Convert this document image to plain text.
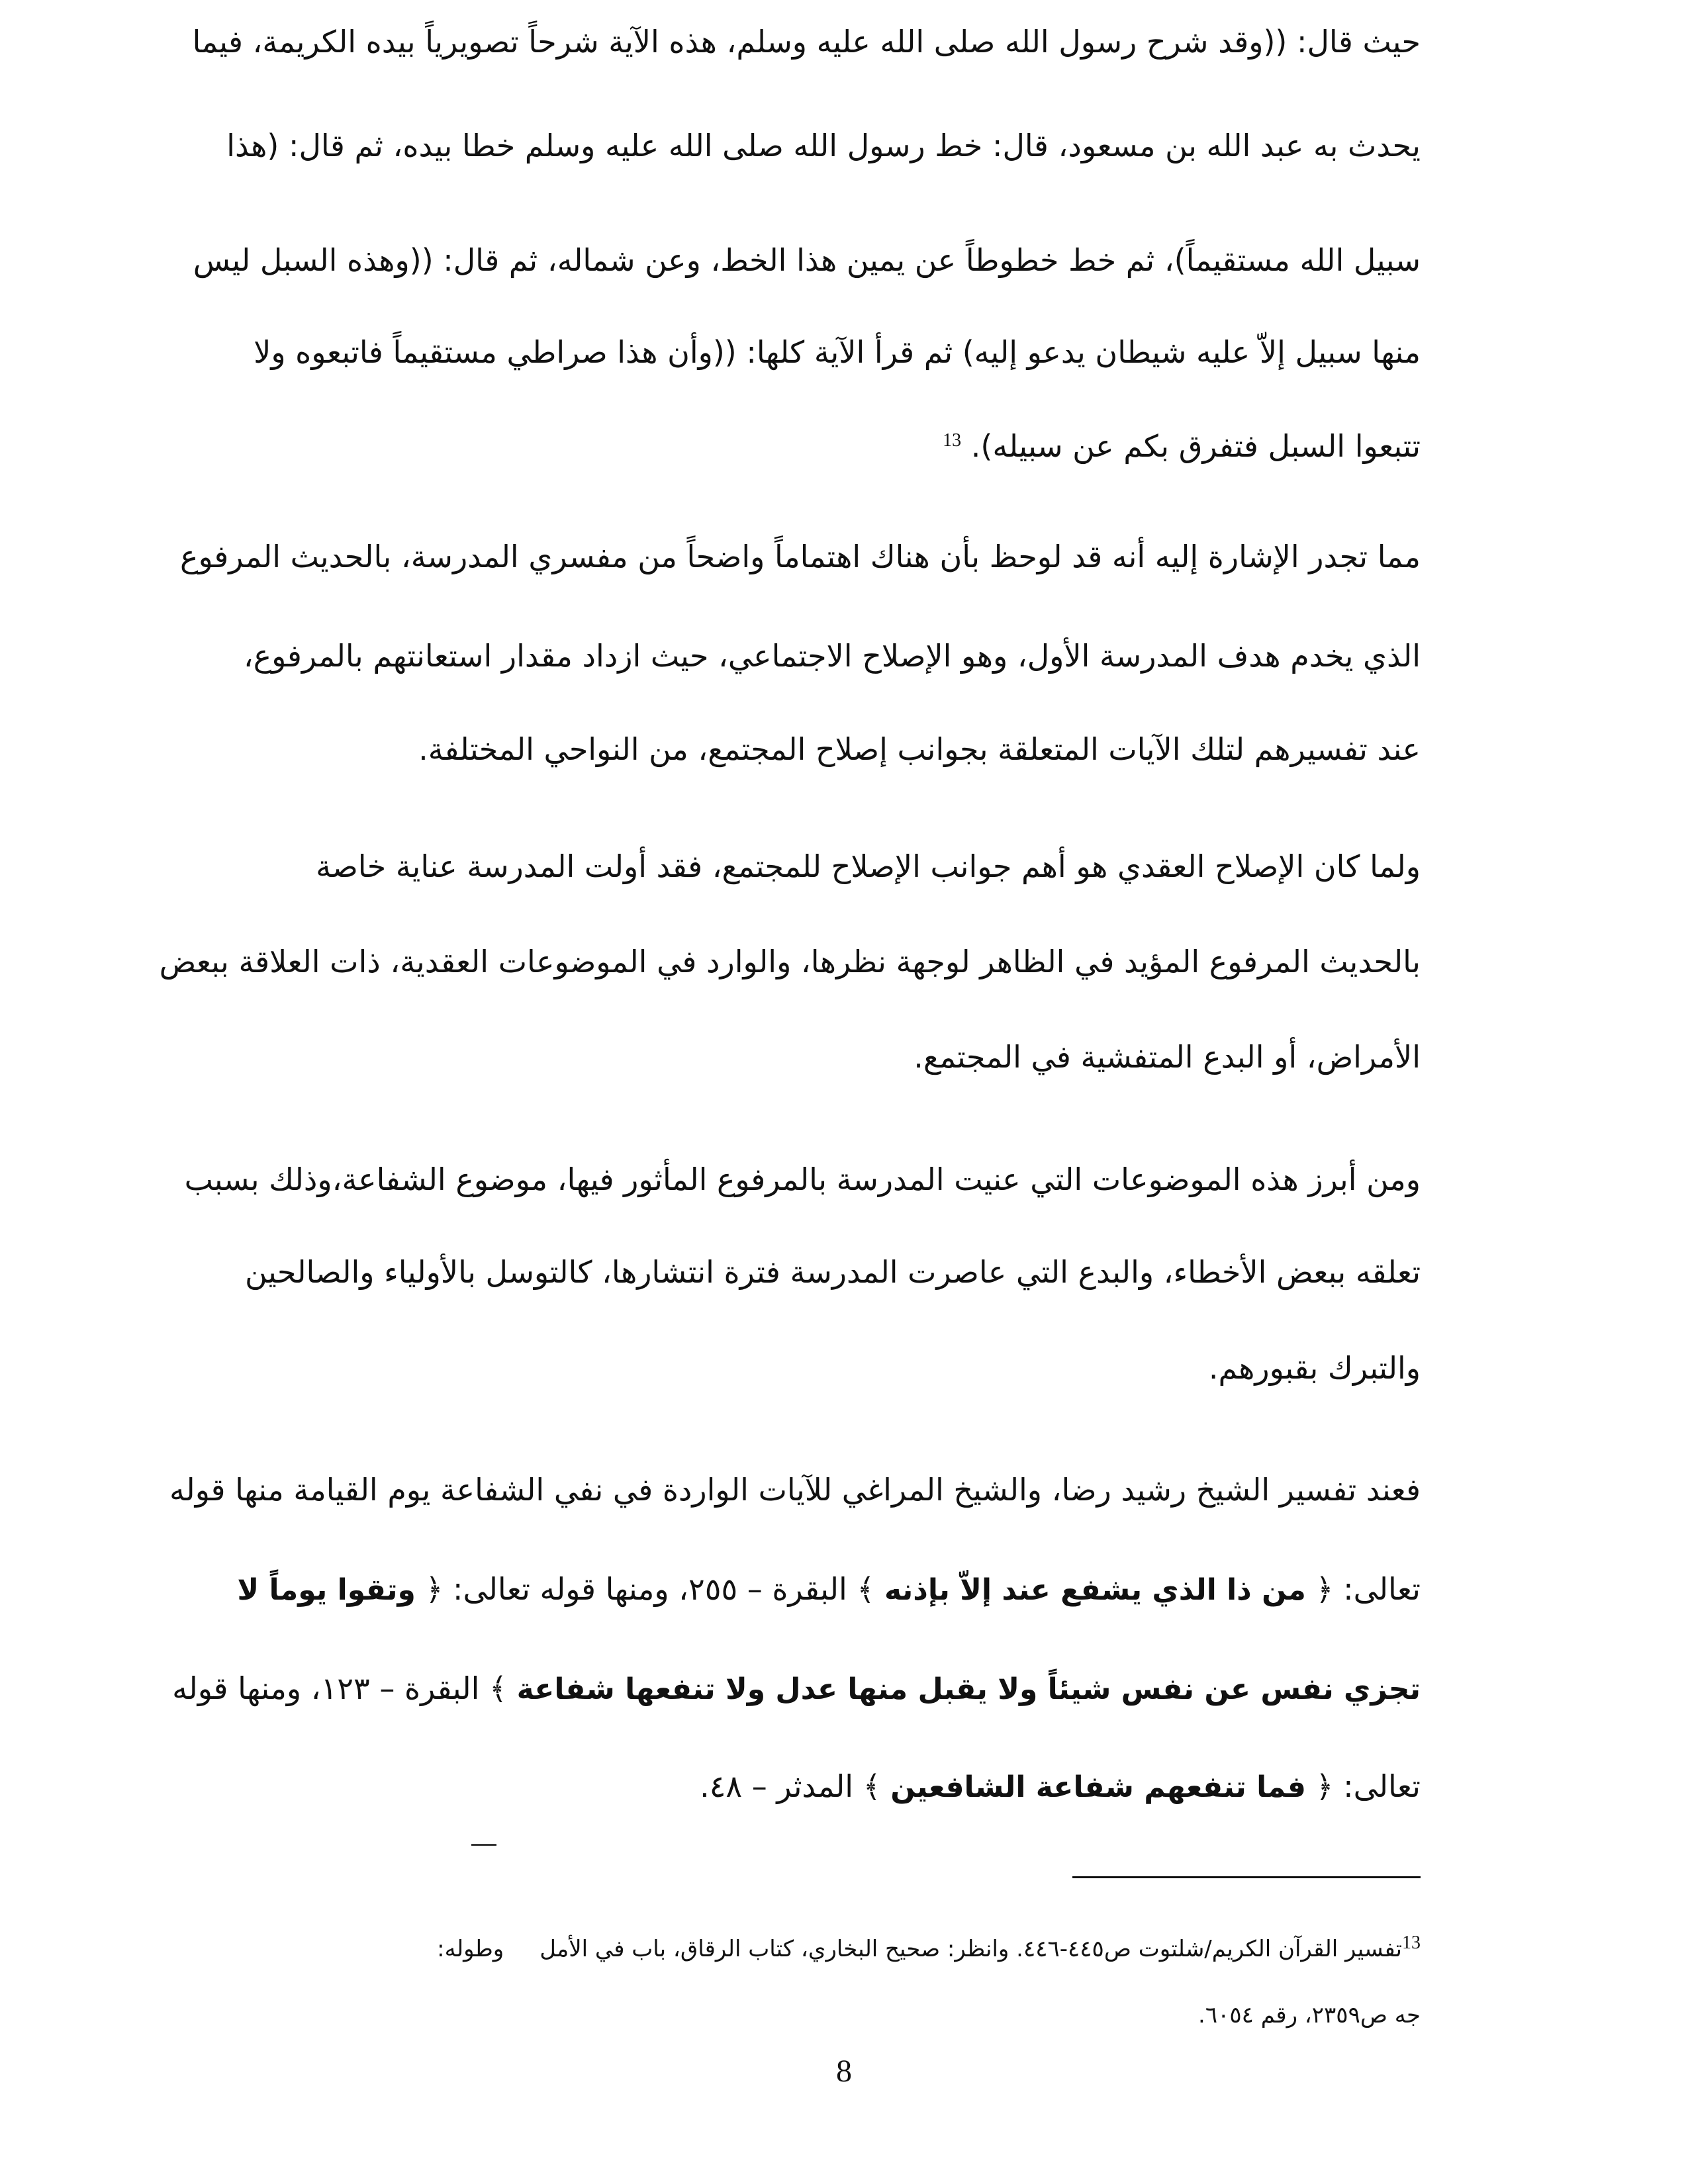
حيث قال: ((وقد شرح رسول الله صلى الله عليه وسلم، هذه الآية شرحاً تصويرياً بيده الكريمة، فيما
يحدث به عبد الله بن مسعود، قال: خط رسول الله صلى الله عليه وسلم خطا بيده، ثم قال: (هذا
سبيل الله مستقيماً)، ثم خط خطوطاً عن يمين هذا الخط، وعن شماله، ثم قال: ((وهذه السبل ليس
منها سبيل إلاّ عليه شيطان يدعو إليه) ثم قرأ الآية كلها: ((وأن هذا صراطي مستقيماً فاتبعوه ولا
تتبعوا السبل فتفرق بكم عن سبيله). $^{13}$
مما تجدر الإشارة إليه أنه قد لوحظ بأن هناك اهتماماً واضحاً من مفسري المدرسة، بالحديث المرفوع
الذي يخدم هدف المدرسة الأول، وهو الإصلاح الاجتماعي، حيث ازداد مقدار استعانتهم بالمرفوع،
عند تفسيرهم لتلك الآيات المتعلقة بجوانب إصلاح المجتمع، من النواحي المختلفة.
ولما كان الإصلاح العقدي هو أهم جوانب الإصلاح للمجتمع، فقد أولت المدرسة عناية خاصة
بالحديث المرفوع المؤيد في الظاهر لوجهة نظرها، والوارد في الموضوعات العقدية، ذات العلاقة ببعض
الأمراض، أو البدع المتفشية في المجتمع.
ومن أبرز هذه الموضوعات التي عنيت المدرسة بالمرفوع المأثور فيها، موضوع الشفاعة،وذلك بسبب
تعلقه ببعض الأخطاء، والبدع التي عاصرت المدرسة فترة انتشارها، كالتوسل بالأولياء والصالحين
والتبرك بقبورهم.
فعند تفسير الشيخ رشيد رضا، والشيخ المراغي للآيات الواردة في نفي الشفاعة يوم القيامة منها قوله
تعالى: ﴿ من ذا الذي يشفع عند إلاّ بإذنه ﴾ البقرة – ٢٥٥، ومنها قوله تعالى: ﴿ وتقوا يوماً لا
تجزي نفس عن نفس شيئاً ولا يقبل منها عدل ولا تنفعها شفاعة ﴾ البقرة – ١٢٣، ومنها قوله
تعالى: ﴿ فما تنفعهم شفاعة الشافعين ﴾ المدثر – ٤٨.
$^{13}$تفسير القرآن الكريم/شلتوت ص٤٤٥-٤٤٦. وانظر: صحيح البخاري، كتاب الرقاق، باب في الأمل     وطوله:
جه ص٢٣٥٩، رقم ٦٠٥٤.
8
